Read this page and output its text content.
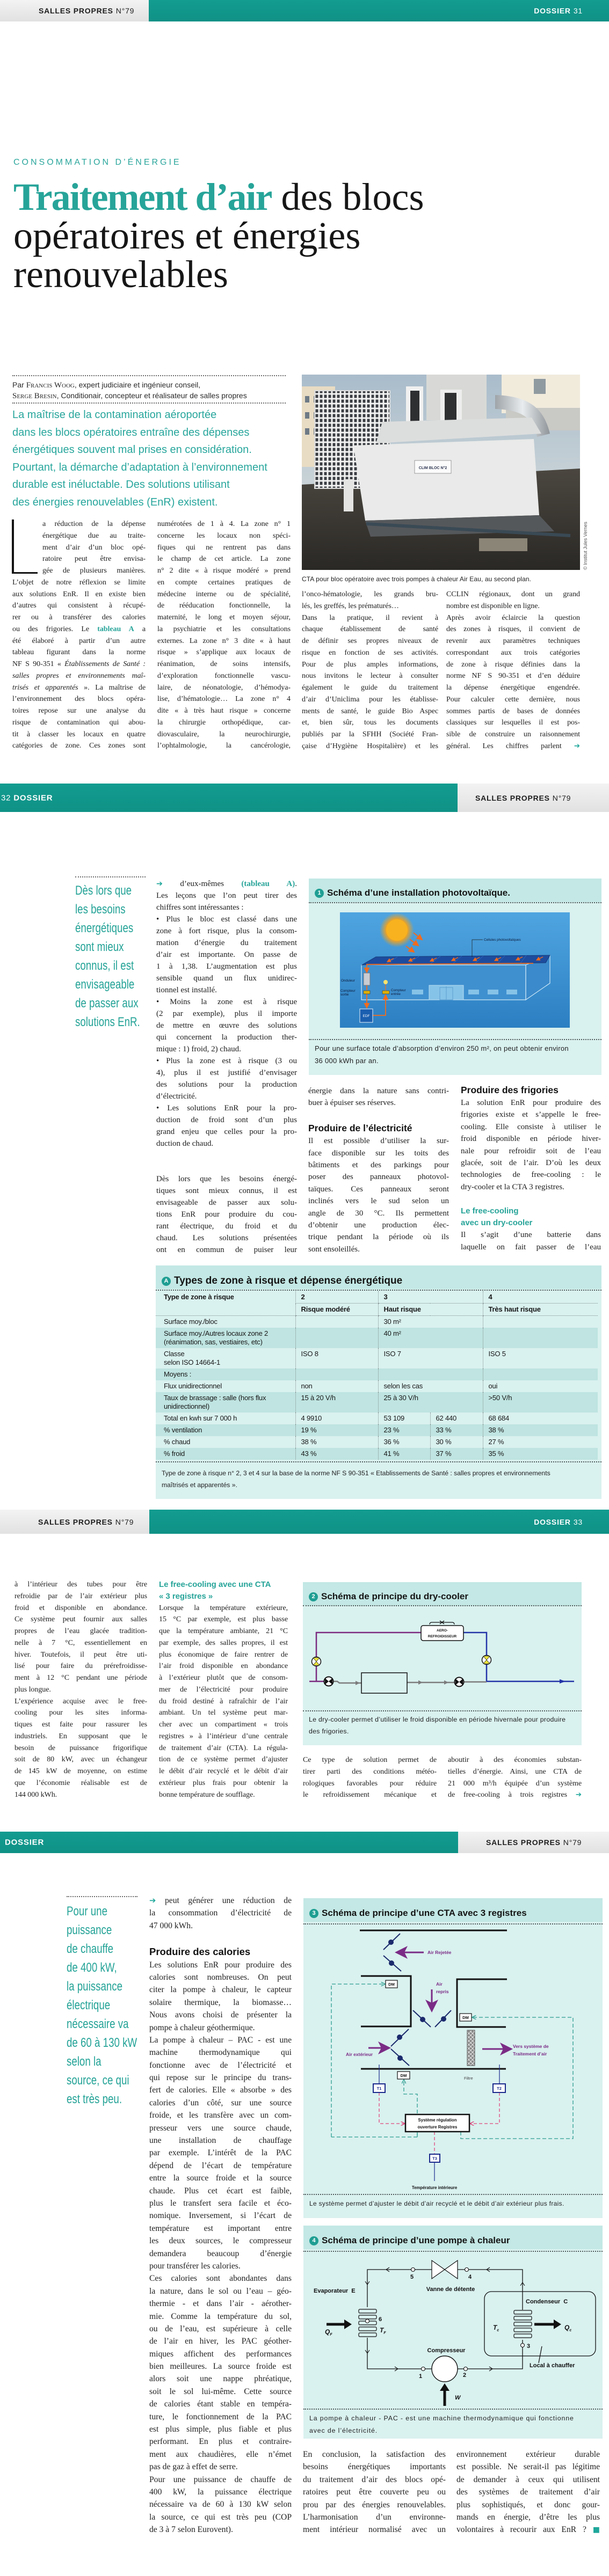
SALLES PROPRES N°79	DOSSIER 31
CONSOMMATION D’ÉNERGIE
Traitement d’air des blocs
opératoires et énergies
renouvelables
Par Francis Woog, expert judiciaire et ingénieur conseil,
Serge Bresin, Conditionair, concepteur et réalisateur de salles propres
La maîtrise de la contamination aéroportée
dans les blocs opératoires entraîne des dépenses
énergétiques souvent mal prises en considération.
Pourtant, la démarche d’adaptation à l’environnement
durable est inéluctable. Des solutions utilisant
des énergies renouvelables (EnR) existent.
a réduction de la dépense
énergétique due au traite-
ment d’air d’un bloc opé-
ratoire peut être envisa-
gée de plusieurs manières.
L’objet de notre réflexion se limite
aux solutions EnR. Il en existe bien
d’autres qui consistent à récupé-
rer ou à transférer des calories
ou des frigories. Le tableau A a
été élaboré à partir d’un autre
tableau figurant dans la norme
NF S 90-351 « Établissements de Santé :
salles propres et environnements maî-
trisés et apparentés ». La maîtrise de
l’environnement des blocs opéra-
toires repose sur une analyse du
risque de contamination qui abou-
tit à classer les locaux en quatre
catégories de zone. Ces zones sont
numérotées de 1 à 4. La zone n° 1
concerne les locaux non spéci-
fiques qui ne rentrent pas dans
le champ de cet article. La zone
n° 2 dite « à risque modéré » prend
en compte certaines pratiques de
médecine interne ou de spécialité,
de rééducation fonctionnelle, la
maternité, le long et moyen séjour,
la psychiatrie et les consultations
externes. La zone n° 3 dite « à haut
risque » s’applique aux locaux de
réanimation, de soins intensifs,
d’exploration fonctionnelle vascu-
laire, de néonatologie, d’hémodya-
lise, d’hématologie… La zone n° 4
dite « à très haut risque » concerne
la chirurgie orthopédique, car-
diovasculaire, la neurochirurgie,
l’ophtalmologie, la cancérologie,
CLIM BLOC N°2
© Institut Jules Vernes
CTA pour bloc opératoire avec trois pompes à chaleur Air Eau, au second plan.
l’onco-hématologie, les grands bru-
lés, les greffés, les prématurés…
Dans la pratique, il revient à
chaque établissement de santé
de définir ses propres niveaux de
risque en fonction de ses activités.
Pour de plus amples informations,
nous invitons le lecteur à consulter
également le guide du traitement
d’air d’Uniclima pour les établisse-
ments de santé, le guide Bio Aspec
et, bien sûr, tous les documents
publiés par la SFHH (Société Fran-
çaise d’Hygiène Hospitalière) et les
CCLIN régionaux, dont un grand
nombre est disponible en ligne.
Après avoir éclaircie la question
des zones à risques, il convient de
revenir aux paramètres techniques
correspondant aux trois catégories
de zone à risque définies dans la
norme NF S 90-351 et d’en déduire
la dépense énergétique engendrée.
Pour calculer cette dernière, nous
sommes partis de bases de données
classiques sur lesquelles il est pos-
sible de construire un raisonnement
général. Les chiffres parlent ➔
32 DOSSIER	SALLES PROPRES N°79
Dès lors que
les besoins
énergétiques
sont mieux
connus, il est
envisageable
de passer aux
solutions EnR.
➔ d’eux-mêmes (tableau A).
Les leçons que l’on peut tirer des
chiffres sont intéressantes :
• Plus le bloc est classé dans une
zone à fort risque, plus la consom-
mation d’énergie du traitement
d’air est importante. On passe de
1 à 1,38. L’augmentation est plus
sensible quand un flux unidirec-
tionnel est installé.
• Moins la zone est à risque
(2 par exemple), plus il importe
de mettre en œuvre des solutions
qui concernent la production ther-
mique : 1) froid, 2) chaud.
• Plus la zone est à risque (3 ou
4), plus il est justifié d’envisager
des solutions pour la production
d’électricité.
• Les solutions EnR pour la pro-
duction de froid sont d’un plus
grand enjeu que celles pour la pro-
duction de chaud.
Dès lors que les besoins énergé-
tiques sont mieux connus, il est
envisageable de passer aux solu-
tions EnR pour produire du cou-
rant électrique, du froid et du
chaud. Les solutions présentées
ont en commun de puiser leur
1 Schéma d’une installation photovoltaïque.
EDF
Onduleur
Compteur
sortie
Compteur
entrée
Cellules photovoltaïques
Pour une surface totale d’absorption d’environ 250 m², on peut obtenir environ
36 000 kWh par an.
énergie dans la nature sans contri-
buer à épuiser ses réserves.
Produire de l’électricité
Il est possible d’utiliser la sur-
face disponible sur les toits des
bâtiments et des parkings pour
poser des panneaux photovol-
taïques. Ces panneaux seront
inclinés vers le sud selon un
angle de 30 °C. Ils permettent
d’obtenir une production élec-
trique pendant la période où ils
sont ensoleillés.
Produire des frigories
La solution EnR pour produire des
frigories existe et s’appelle le free-
cooling. Elle consiste à utiliser le
froid disponible en période hiver-
nale pour refroidir soit de l’eau
glacée, soit de l’air. D’où les deux
technologies de free-cooling : le
dry-cooler et la CTA 3 registres.
Le free-cooling
avec un dry-cooler
Il s’agit d’une batterie dans
laquelle on fait passer de l’eau
A Types de zone à risque et dépense énergétique
Type de zone à risque	2	3		4
	Risque modéré	Haut risque		Très haut risque
Surface moy./bloc		30 m²		

Surface moy./Autres locaux zone 2
(réanimation, sas, vestiaires, etc)		40 m²		

Classe
selon ISO 14664-1	ISO 8	ISO 7		ISO 5
Moyens :				
Flux unidirectionnel	non	selon les cas		oui

Taux de brassage : salle (hors flux
unidirectionnel)	15 à 20 V/h	25 à 30 V/h		>50 V/h
Total en kwh sur 7 000 h	4 9910	53 109	62 440	68 684
% ventilation	19 %	23 %	33 %	38 %
% chaud	38 %	36 %	30 %	27 %
% froid	43 %	41 %	37 %	35 %
Type de zone à risque n° 2, 3 et 4 sur la base de la norme NF S 90-351 « Etablissements de Santé : salles propres et environnements
maîtrisés et apparentés ».
SALLES PROPRES N°79	DOSSIER 33
à l’intérieur des tubes pour être
refroidie par de l’air extérieur plus
froid et disponible en abondance.
Ce système peut fournir aux salles
propres de l’eau glacée tradition-
nelle à 7 °C, essentiellement en
hiver. Toutefois, il peut être uti-
lisé pour faire du prérefroidisse-
ment à 12 °C pendant une période
plus longue.
L’expérience acquise avec le free-
cooling pour les sites informa-
tiques est faite pour rassurer les
industriels. En supposant que le
besoin de puissance frigorifique
soit de 80 kW, avec un échangeur
de 145 kW de moyenne, on estime
que l’économie réalisable est de
144 000 kWh.
Le free-cooling avec une CTA
« 3 registres »
Lorsque la température extérieure,
15 °C par exemple, est plus basse
que la température ambiante, 21 °C
par exemple, des salles propres, il est
plus économique de faire rentrer de
l’air froid disponible en abondance
à l’extérieur plutôt que de consom-
mer de l’électricité pour produire
du froid destiné à rafraîchir de l’air
ambiant. Un tel système peut mar-
cher avec un compartiment « trois
registres » à l’intérieur d’une centrale
de traitement d’air (CTA). La régula-
tion de ce système permet d’ajuster
le débit d’air recyclé et le débit d’air
extérieur plus frais pour obtenir la
bonne température de soufflage.
2 Schéma de principe du dry-cooler
AERO-
REFROIDISSEUR
Le dry-cooler permet d’utiliser le froid disponible en période hivernale pour produire
des frigories.
Ce type de solution permet de
tirer parti des conditions météo-
rologiques favorables pour réduire
le refroidissement mécanique et
aboutir à des économies substan-
tielles d’énergie. Ainsi, une CTA de
21 000 m³/h équipée d’un système
de free-cooling à trois registres ➔
DOSSIER	SALLES PROPRES N°79
Pour une
puissance
de chauffe
de 400 kW,
la puissance
électrique
nécessaire va
de 60 à 130 kW
selon la
source, ce qui
est très peu.
➔ peut générer une réduction de
la consommation d’électricité de
47 000 kWh.
Produire des calories
Les solutions EnR pour produire des
calories sont nombreuses. On peut
citer la pompe à chaleur, le capteur
solaire thermique, la biomasse…
Nous avons choisi de présenter la
pompe à chaleur géothermique.
La pompe à chaleur – PAC - est une
machine thermodynamique qui
fonctionne avec de l’électricité et
qui repose sur le principe du trans-
fert de calories. Elle « absorbe » des
calories d’un côté, sur une source
froide, et les transfère avec un com-
presseur vers une source chaude,
une installation de chauffage
par exemple. L’intérêt de la PAC
dépend de l’écart de température
entre la source froide et la source
chaude. Plus cet écart est faible,
plus le transfert sera facile et éco-
nomique. Inversement, si l’écart de
température est important entre
les deux sources, le compresseur
demandera beaucoup d’énergie
pour transférer les calories.
Ces calories sont abondantes dans
la nature, dans le sol ou l’eau – géo-
thermie - et dans l’air - aérother-
mie. Comme la température du sol,
ou de l’eau, est supérieure à celle
de l’air en hiver, les PAC géother-
miques affichent des performances
bien meilleures. La source froide est
alors soit une nappe phréatique,
soit le sol lui-même. Cette source
de calories étant stable en tempéra-
ture, le fonctionnement de la PAC
est plus simple, plus fiable et plus
performant. En plus et contraire-
ment aux chaudières, elle n’émet
pas de gaz à effet de serre.
Pour une puissance de chauffe de
400 kW, la puissance électrique
nécessaire va de 60 à 130 kW selon
la source, ce qui est très peu (COP
de 3 à 7 selon Eurovent).
3 Schéma de principe d’une CTA avec 3 registres
Air Rejetée
Air
repris
Air extérieur
Vers système de
Traitement d’air
Filtre
DM
DM
DM
T1	T2
T3
Système régulation
ouverture Registres
Température intérieure
Le système permet d’ajuster le débit d’air recyclé et le débit d’air extérieur plus frais.
4 Schéma de principe d’une pompe à chaleur
Evaporateur  E	Vanne de détente
Condenseur  C
Compresseur
Local à chauffer
5	4
6
3
1	2
$Q_F$
$T_F$
$T_c$	$Q_c$
W
La pompe à chaleur - PAC - est une machine thermodynamique qui fonctionne
avec de l’électricité.
En conclusion, la satisfaction des
besoins énergétiques importants
du traitement d’air des blocs opé-
ratoires peut être couverte peu ou
prou par des énergies renouvelables.
L’harmonisation d’un environne-
ment intérieur normalisé avec un
environnement extérieur durable
est possible. Ne serait-il pas légitime
de demander à ceux qui utilisent
des systèmes de traitement d’air
plus sophistiqués, et donc gour-
mands en énergie, d’être les plus
volontaires à recourir aux EnR ? ■
